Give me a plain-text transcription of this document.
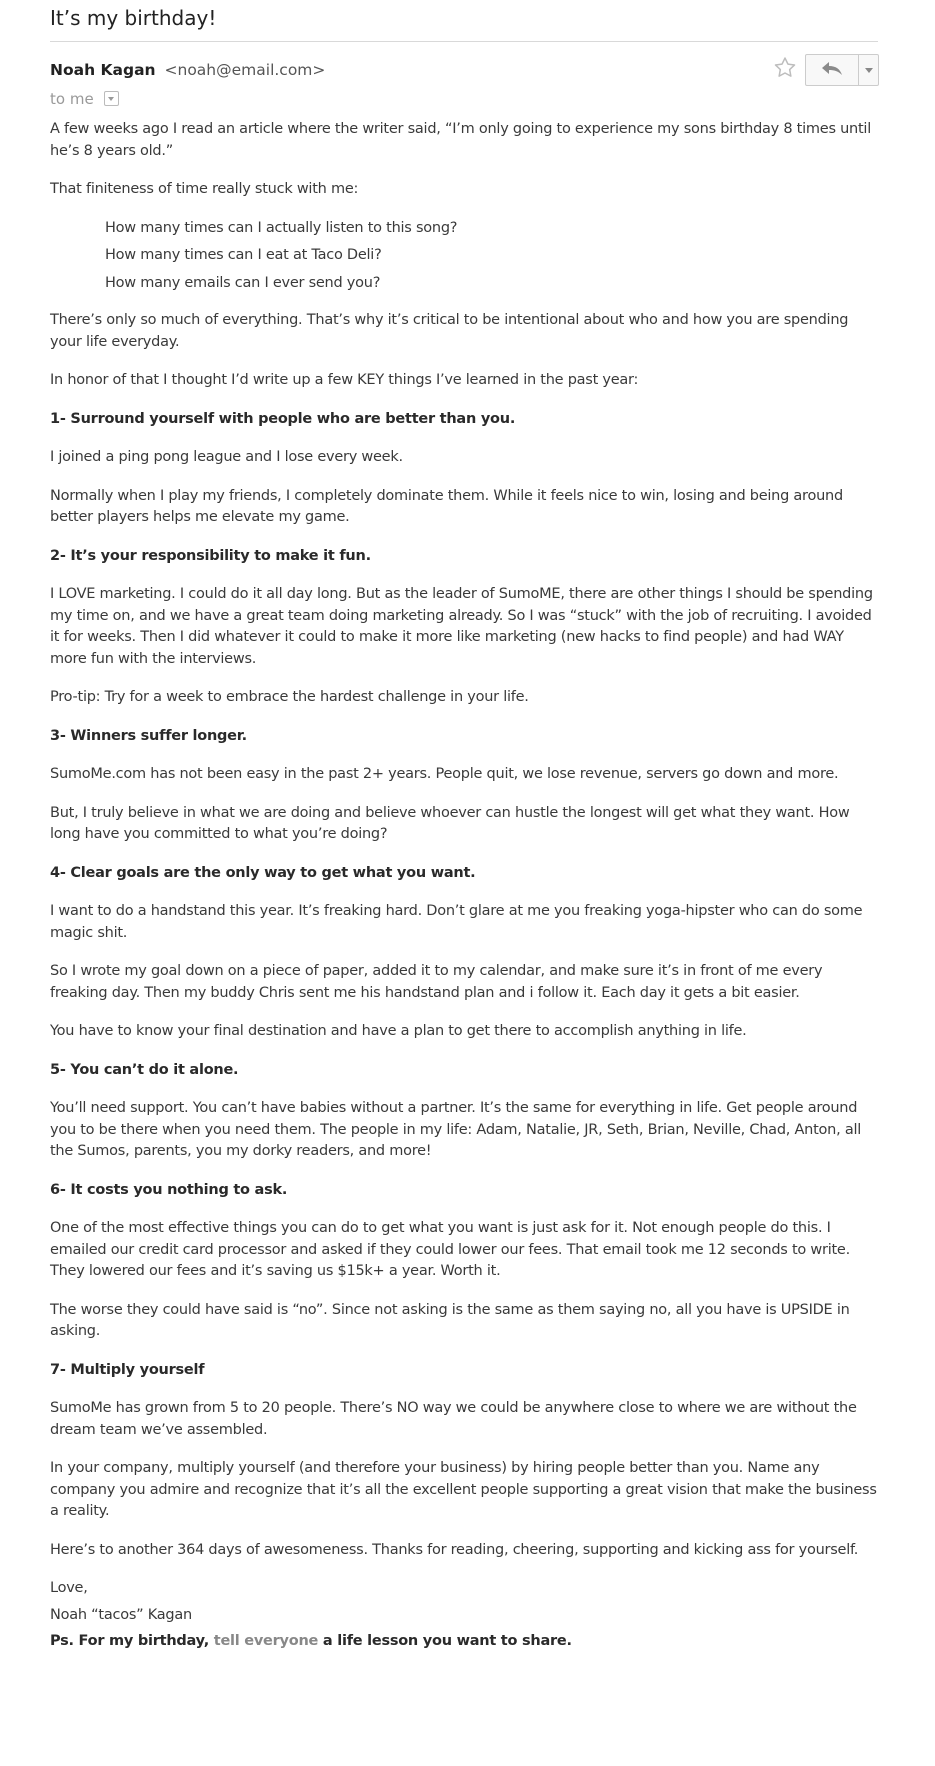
It’s my birthday!
Noah Kagan <noah@email.com>
to me

A few weeks ago I read an article where the writer said, “I’m only going to experience my sons birthday 8 times until he’s 8 years old.”

That finiteness of time really stuck with me:

How many times can I actually listen to this song?
How many times can I eat at Taco Deli?
How many emails can I ever send you?

There’s only so much of everything. That’s why it’s critical to be intentional about who and how you are spending your life everyday.

In honor of that I thought I’d write up a few KEY things I’ve learned in the past year:

1- Surround yourself with people who are better than you.

I joined a ping pong league and I lose every week.

Normally when I play my friends, I completely dominate them. While it feels nice to win, losing and being around better players helps me elevate my game.

2- It’s your responsibility to make it fun.

I LOVE marketing. I could do it all day long. But as the leader of SumoME, there are other things I should be spending my time on, and we have a great team doing marketing already. So I was “stuck” with the job of recruiting. I avoided it for weeks. Then I did whatever it could to make it more like marketing (new hacks to find people) and had WAY more fun with the interviews.

Pro-tip: Try for a week to embrace the hardest challenge in your life.

3- Winners suffer longer.

SumoMe.com has not been easy in the past 2+ years. People quit, we lose revenue, servers go down and more.

But, I truly believe in what we are doing and believe whoever can hustle the longest will get what they want. How long have you committed to what you’re doing?

4- Clear goals are the only way to get what you want.

I want to do a handstand this year. It’s freaking hard. Don’t glare at me you freaking yoga-hipster who can do some magic shit.

So I wrote my goal down on a piece of paper, added it to my calendar, and make sure it’s in front of me every freaking day. Then my buddy Chris sent me his handstand plan and i follow it. Each day it gets a bit easier.

You have to know your final destination and have a plan to get there to accomplish anything in life.

5- You can’t do it alone.

You’ll need support. You can’t have babies without a partner. It’s the same for everything in life. Get people around you to be there when you need them. The people in my life: Adam, Natalie, JR, Seth, Brian, Neville, Chad, Anton, all the Sumos, parents, you my dorky readers, and more!

6- It costs you nothing to ask.

One of the most effective things you can do to get what you want is just ask for it. Not enough people do this. I emailed our credit card processor and asked if they could lower our fees. That email took me 12 seconds to write. They lowered our fees and it’s saving us $15k+ a year. Worth it.

The worse they could have said is “no”. Since not asking is the same as them saying no, all you have is UPSIDE in asking.

7- Multiply yourself

SumoMe has grown from 5 to 20 people. There’s NO way we could be anywhere close to where we are without the dream team we’ve assembled.

In your company, multiply yourself (and therefore your business) by hiring people better than you. Name any company you admire and recognize that it’s all the excellent people supporting a great vision that make the business a reality.

Here’s to another 364 days of awesomeness. Thanks for reading, cheering, supporting and kicking ass for yourself.

Love,

Noah “tacos” Kagan

Ps. For my birthday, tell everyone a life lesson you want to share.
